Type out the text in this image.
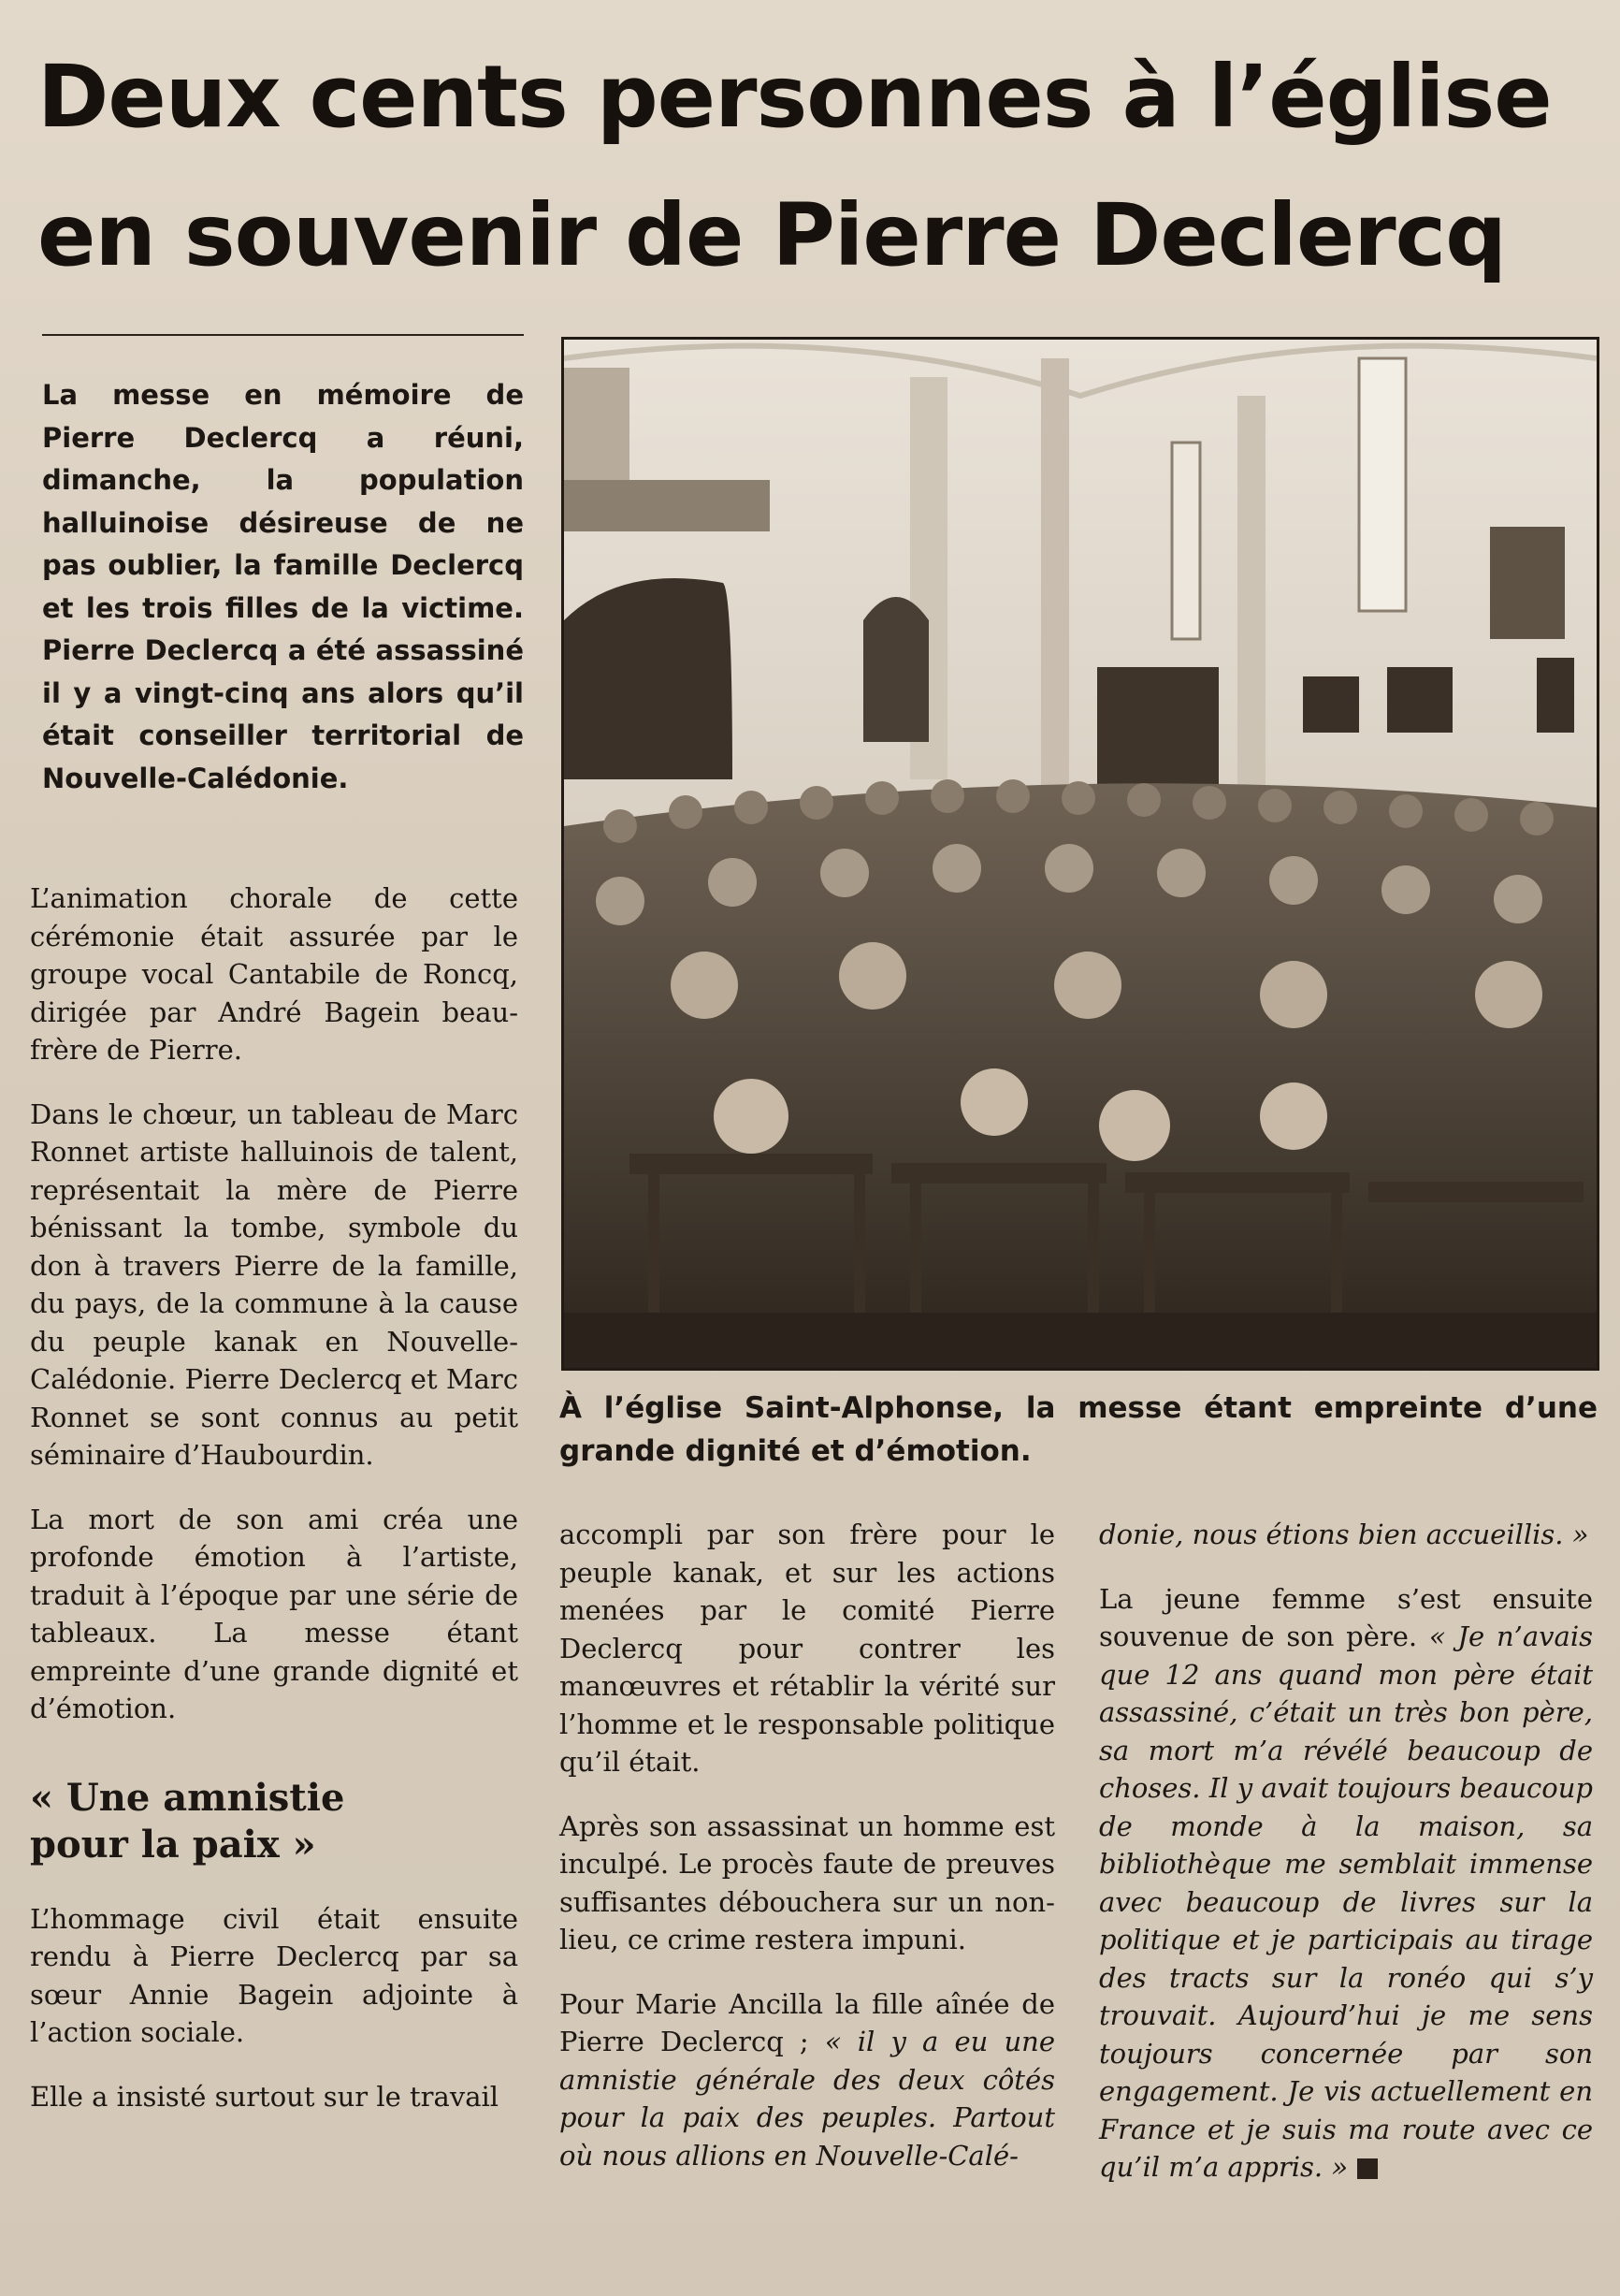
Deux cents personnes à l’église
en souvenir de Pierre Declercq
La messe en mémoire de Pierre Declercq a réuni, dimanche, la population halluinoise désireuse de ne pas oublier, la famille Declercq et les trois filles de la victime. Pierre Declercq a été assassiné il y a vingt-cinq ans alors qu’il était conseiller territorial de Nouvelle-Calédonie.
À l’église Saint-Alphonse, la messe étant empreinte d’une grande dignité et d’émotion.

L’animation chorale de cette cérémonie était assurée par le groupe vocal Cantabile de Roncq, dirigée par André Bagein beau-frère de Pierre.

Dans le chœur, un tableau de Marc Ronnet artiste halluinois de talent, représentait la mère de Pierre bénissant la tombe, symbole du don à travers Pierre de la famille, du pays, de la commune à la cause du peuple kanak en Nouvelle-Calédonie. Pierre Declercq et Marc Ronnet se sont connus au petit séminaire d’Haubourdin.

La mort de son ami créa une profonde émotion à l’artiste, traduit à l’époque par une série de tableaux. La messe étant empreinte d’une grande dignité et d’émotion.

« Une amnistie
pour la paix »

L’hommage civil était ensuite rendu à Pierre Declercq par sa sœur Annie Bagein adjointe à l’action sociale.

Elle a insisté surtout sur le travail

accompli par son frère pour le peuple kanak, et sur les actions menées par le comité Pierre Declercq pour contrer les manœuvres et rétablir la vérité sur l’homme et le responsable politique qu’il était.

Après son assassinat un homme est inculpé. Le procès faute de preuves suffisantes débouchera sur un non-lieu, ce crime restera impuni.

Pour Marie Ancilla la fille aînée de Pierre Declercq ; « il y a eu une amnistie générale des deux côtés pour la paix des peuples. Partout où nous allions en Nouvelle-Calé-

donie, nous étions bien accueillis. »

La jeune femme s’est ensuite souvenue de son père. « Je n’avais que 12 ans quand mon père était assassiné, c’était un très bon père, sa mort m’a révélé beaucoup de choses. Il y avait toujours beaucoup de monde à la maison, sa bibliothèque me semblait immense avec beaucoup de livres sur la politique et je participais au tirage des tracts sur la ronéo qui s’y trouvait. Aujourd’hui je me sens toujours concernée par son engagement. Je vis actuellement en France et je suis ma route avec ce qu’il m’a appris. »
